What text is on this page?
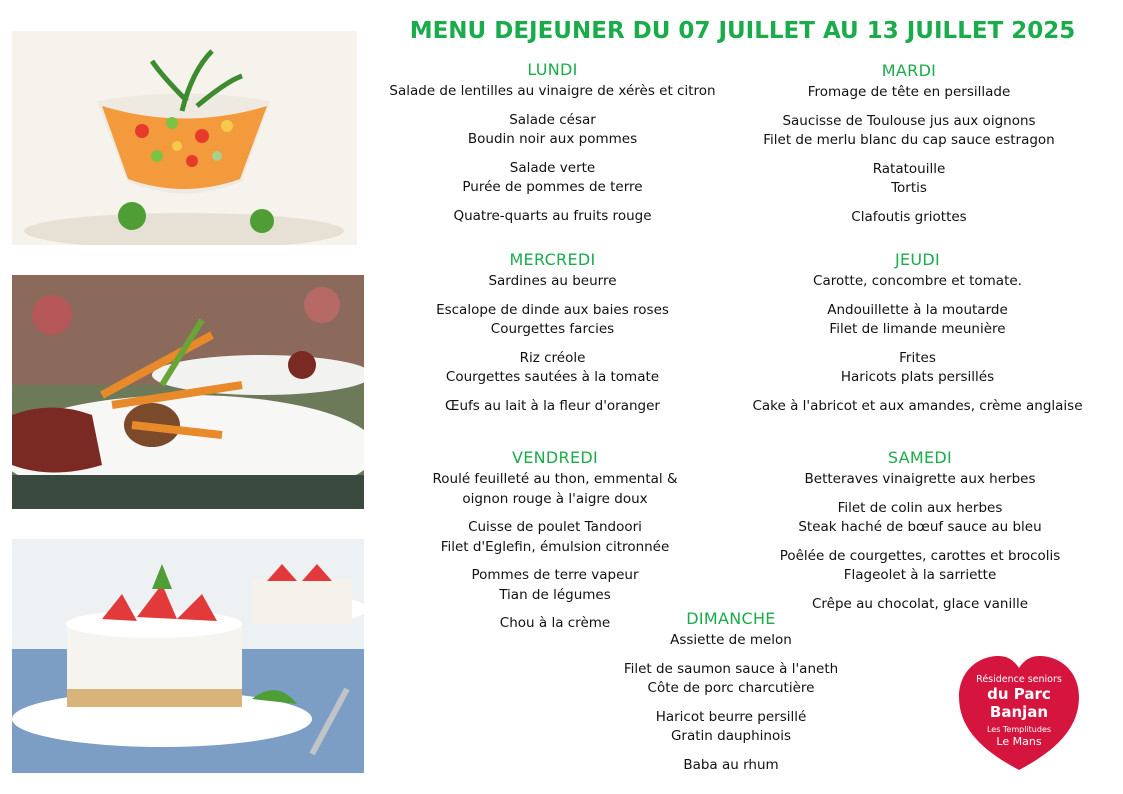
MENU DEJEUNER DU 07 JUILLET AU 13 JUILLET 2025
LUNDI
Salade de lentilles au vinaigre de xérès et citron
Salade césar
Boudin noir aux pommes
Salade verte
Purée de pommes de terre
Quatre-quarts au fruits rouge
MARDI
Fromage de tête en persillade
Saucisse de Toulouse jus aux oignons
Filet de merlu blanc du cap sauce estragon
Ratatouille
Tortis
Clafoutis griottes
MERCREDI
Sardines au beurre
Escalope de dinde aux baies roses
Courgettes farcies
Riz créole
Courgettes sautées à la tomate
Œufs au lait à la fleur d'oranger
JEUDI
Carotte, concombre et tomate.
Andouillette à la moutarde
Filet de limande meunière
Frites
Haricots plats persillés
Cake à l'abricot et aux amandes, crème anglaise
VENDREDI
Roulé feuilleté au thon, emmental & oignon rouge à l'aigre doux
Cuisse de poulet Tandoori
Filet d'Eglefin, émulsion citronnée
Pommes de terre vapeur
Tian de légumes
Chou à la crème
SAMEDI
Betteraves vinaigrette aux herbes
Filet de colin aux herbes
Steak haché de bœuf sauce au bleu
Poêlée de courgettes, carottes et brocolis
Flageolet à la sarriette
Crêpe au chocolat, glace vanille
DIMANCHE
Assiette de melon
Filet de saumon sauce à l'aneth
Côte de porc charcutière
Haricot beurre persillé
Gratin dauphinois
Baba au rhum
Résidence seniors
du Parc
Banjan
Les Templitudes
Le Mans
